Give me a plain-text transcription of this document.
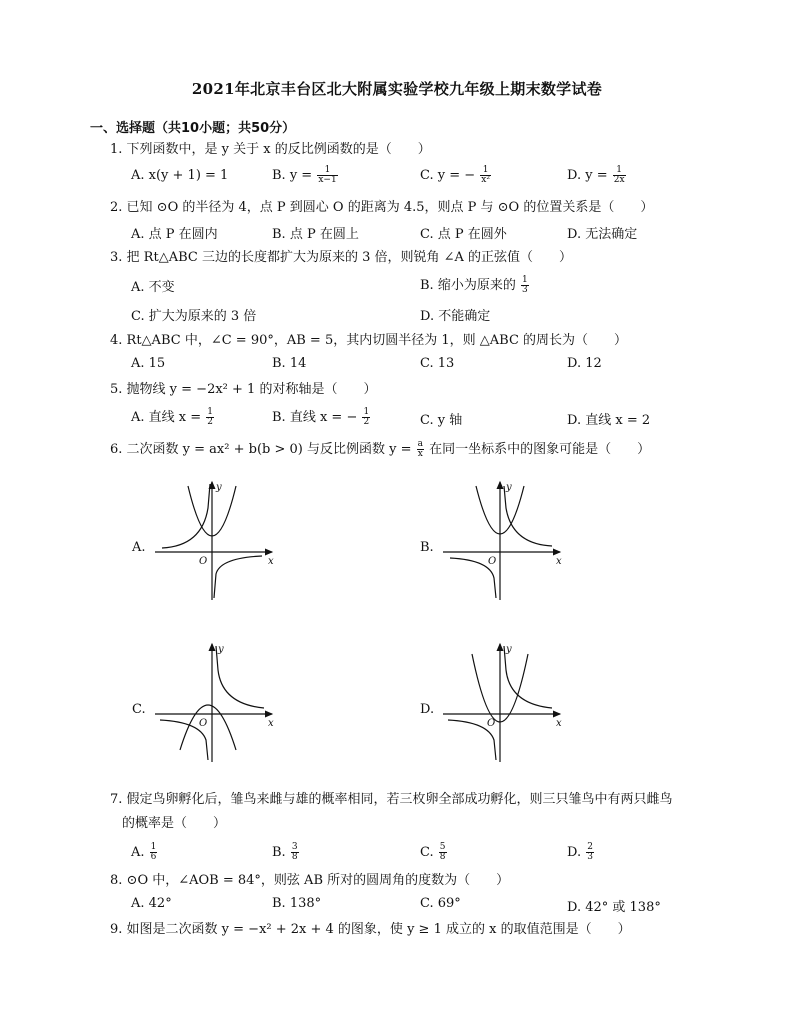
2021年北京丰台区北大附属实验学校九年级上期末数学试卷
一、选择题（共10小题；共50分）
1. 下列函数中，是 y 关于 x 的反比例函数的是（　　）
A. x(y + 1) = 1	B. $y = \frac{1}{x-1}$	C. y = − $\frac{1}{\text{x²}}$	D. $y = \frac{1}{2x}$
2. 已知 ⊙O 的半径为 4，点 P 到圆心 O 的距离为 4.5，则点 P 与 ⊙O 的位置关系是（　　）
A. 点 P 在圆内	B. 点 P 在圆上	C. 点 P 在圆外	D. 无法确定
3. 把 Rt△ABC 三边的长度都扩大为原来的 3 倍，则锐角 ∠A 的正弦值（　　）
A. 不变	B. 缩小为原来的 $\frac{1}{3}$
C. 扩大为原来的 3 倍	D. 不能确定
4. Rt△ABC 中，∠C = 90°，AB = 5，其内切圆半径为 1，则 △ABC 的周长为（　　）
A. 15	B. 14	C. 13	D. 12
5. 抛物线 y = −2x² + 1 的对称轴是（　　）
A. 直线 $x = \frac{1}{2}$	B. 直线 x = − $\frac{1}{2}$	C. y 轴	D. 直线 x = 2
6. 二次函数 y = ax² + b(b > 0) 与反比例函数 $y = \frac{a}{x}$ 在同一坐标系中的图象可能是（　　）
A.	B.
C.	D.
y
x
O
y
x
O
y
x
O
y
x
O
7. 假定鸟卵孵化后，雏鸟来雌与雄的概率相同，若三枚卵全部成功孵化，则三只雏鸟中有两只雌鸟
的概率是（　　）
A. $\frac{1}{6}$	B. $\frac{3}{8}$	C. $\frac{5}{8}$	D. $\frac{2}{3}$
8. ⊙O 中，∠AOB = 84°，则弦 AB 所对的圆周角的度数为（　　）
A. 42°	B. 138°	C. 69°	D. 42° 或 138°
9. 如图是二次函数 y = −x² + 2x + 4 的图象，使 y ≥ 1 成立的 x 的取值范围是（　　）
